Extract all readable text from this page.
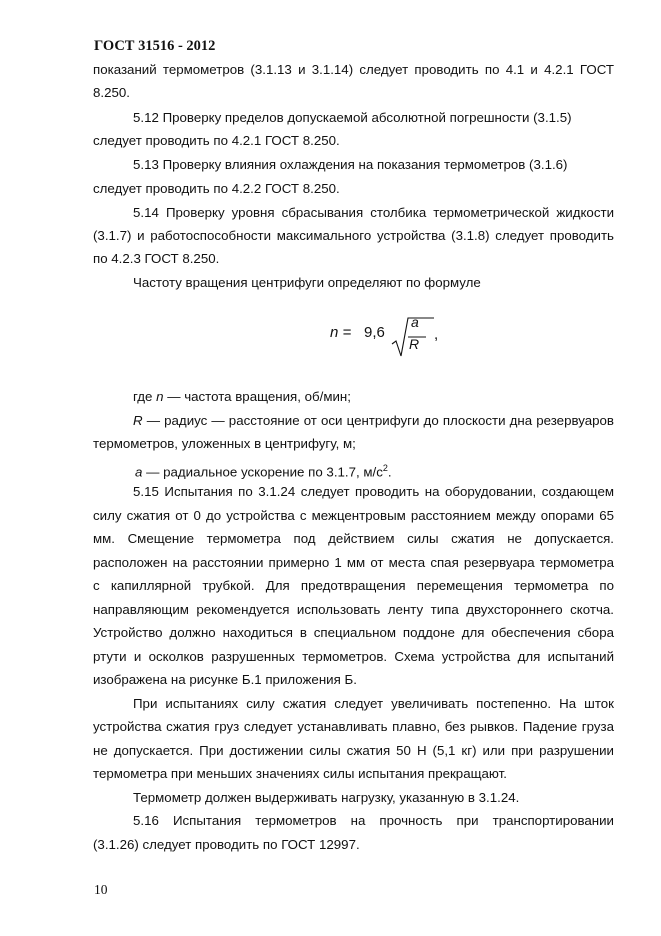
ГОСТ 31516 - 2012
показаний термометров (3.1.13 и 3.1.14) следует проводить по 4.1 и 4.2.1 ГОСТ
8.250.
5.12 Проверку пределов допускаемой абсолютной погрешности (3.1.5)
следует проводить по 4.2.1 ГОСТ 8.250.
5.13 Проверку влияния охлаждения на показания термометров (3.1.6)
следует проводить по 4.2.2 ГОСТ 8.250.
5.14 Проверку уровня сбрасывания столбика термометрической жидкости
(3.1.7) и работоспособности максимального устройства (3.1.8) следует проводить
по 4.2.3 ГОСТ 8.250.
Частоту вращения центрифуги определяют по формуле
n = 9,6
a
R
,
где n — частота вращения, об/мин;
R — радиус — расстояние от оси центрифуги до плоскости дна резервуаров
термометров, уложенных в центрифугу, м;
a — радиальное ускорение по 3.1.7, $м/с^2$.
5.15 Испытания по 3.1.24 следует проводить на оборудовании, создающем
силу сжатия от 0 до устройства с межцентровым расстоянием между опорами 65
мм. Смещение термометра под действием силы сжатия не допускается.
расположен на расстоянии примерно 1 мм от места спая резервуара термометра
с капиллярной трубкой. Для предотвращения перемещения термометра по
направляющим рекомендуется использовать ленту типа двухстороннего скотча.
Устройство должно находиться в специальном поддоне для обеспечения сбора
ртути и осколков разрушенных термометров. Схема устройства для испытаний
изображена на рисунке Б.1 приложения Б.
При испытаниях силу сжатия следует увеличивать постепенно. На шток
устройства сжатия груз следует устанавливать плавно, без рывков. Падение груза
не допускается. При достижении силы сжатия 50 Н (5,1 кг) или при разрушении
термометра при меньших значениях силы испытания прекращают.
Термометр должен выдерживать нагрузку, указанную в 3.1.24.
5.16 Испытания термометров на прочность при транспортировании
(3.1.26) следует проводить по ГОСТ 12997.
10
